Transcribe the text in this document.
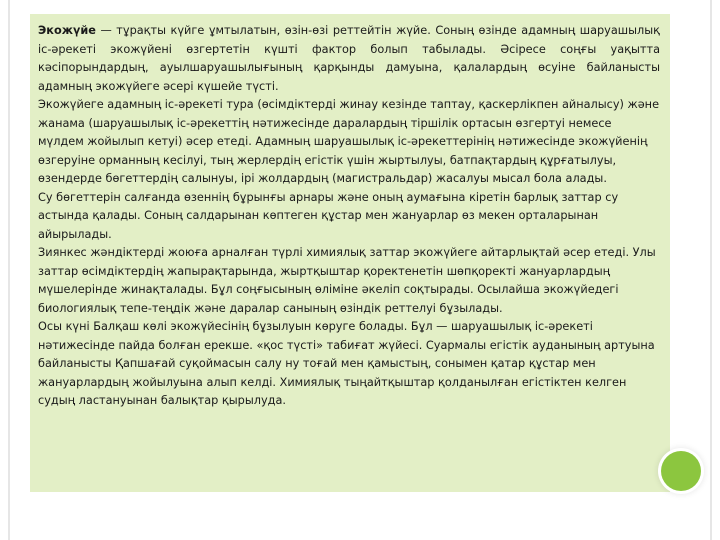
Экожүйе — тұрақты күйге ұмтылатын, өзін-өзі реттейтін жүйе. Соның өзінде адамның шаруашылық іс-әрекеті экожүйені өзгертетін күшті фактор болып табылады. Әсіресе соңғы уақытта кәсіпорындардың, ауылшаруашылығының қарқынды дамуына, қалалардың өсуіне байланысты адамның экожүйеге әсері күшейе түсті.

Экожүйеге адамның іс-әрекеті тура (өсімдіктерді жинау кезінде таптау, қаскерлікпен айналысу) және жанама (шаруашылық іс-әрекеттің нәтижесінде даралардың тіршілік ортасын өзгертуі немесе мүлдем жойылып кетуі) әсер етеді. Адамның шаруашылық іс-әрекеттерінің нәтижесінде экожүйенің өзгеруіне орманның кесілуі, тың жерлердің егістік үшін жыртылуы, батпақтардың құрғатылуы, өзендерде бөгеттердің салынуы, ірі жолдардың (магистральдар) жасалуы мысал бола алады.

Су бөгеттерін салғанда өзеннің бұрынғы арнары және оның аумағына кіретін барлық заттар су астында қалады. Соның салдарынан көптеген құстар мен жануарлар өз мекен орталарынан айырылады.

Зиянкес жәндіктерді жоюға арналған түрлі химиялық заттар экожүйеге айтарлықтай әсер етеді. Улы заттар өсімдіктердің жапырақтарында, жыртқыштар қоректенетін шөпқоректі жануарлардың мүшелерінде жинақталады. Бұл соңғысының өліміне әкеліп соқтырады. Осылайша экожүйедегі биологиялық тепе-теңдік және даралар санының өзіндік реттелуі бұзылады.

Осы күні Балқаш көлі экожүйесінің бұзылуын көруге болады. Бұл — шаруашылық іс-әрекеті нәтижесінде пайда болған ерекше. «қос түсті» табиғат жүйесі. Суармалы егістік ауданының артуына байланысты Қапшағай суқоймасын салу ну тоғай мен қамыстың, сонымен қатар құстар мен жануарлардың жойылуына алып келді. Химиялық тыңайтқыштар қолданылған егістіктен келген судың ластануынан балықтар қырылуда.
